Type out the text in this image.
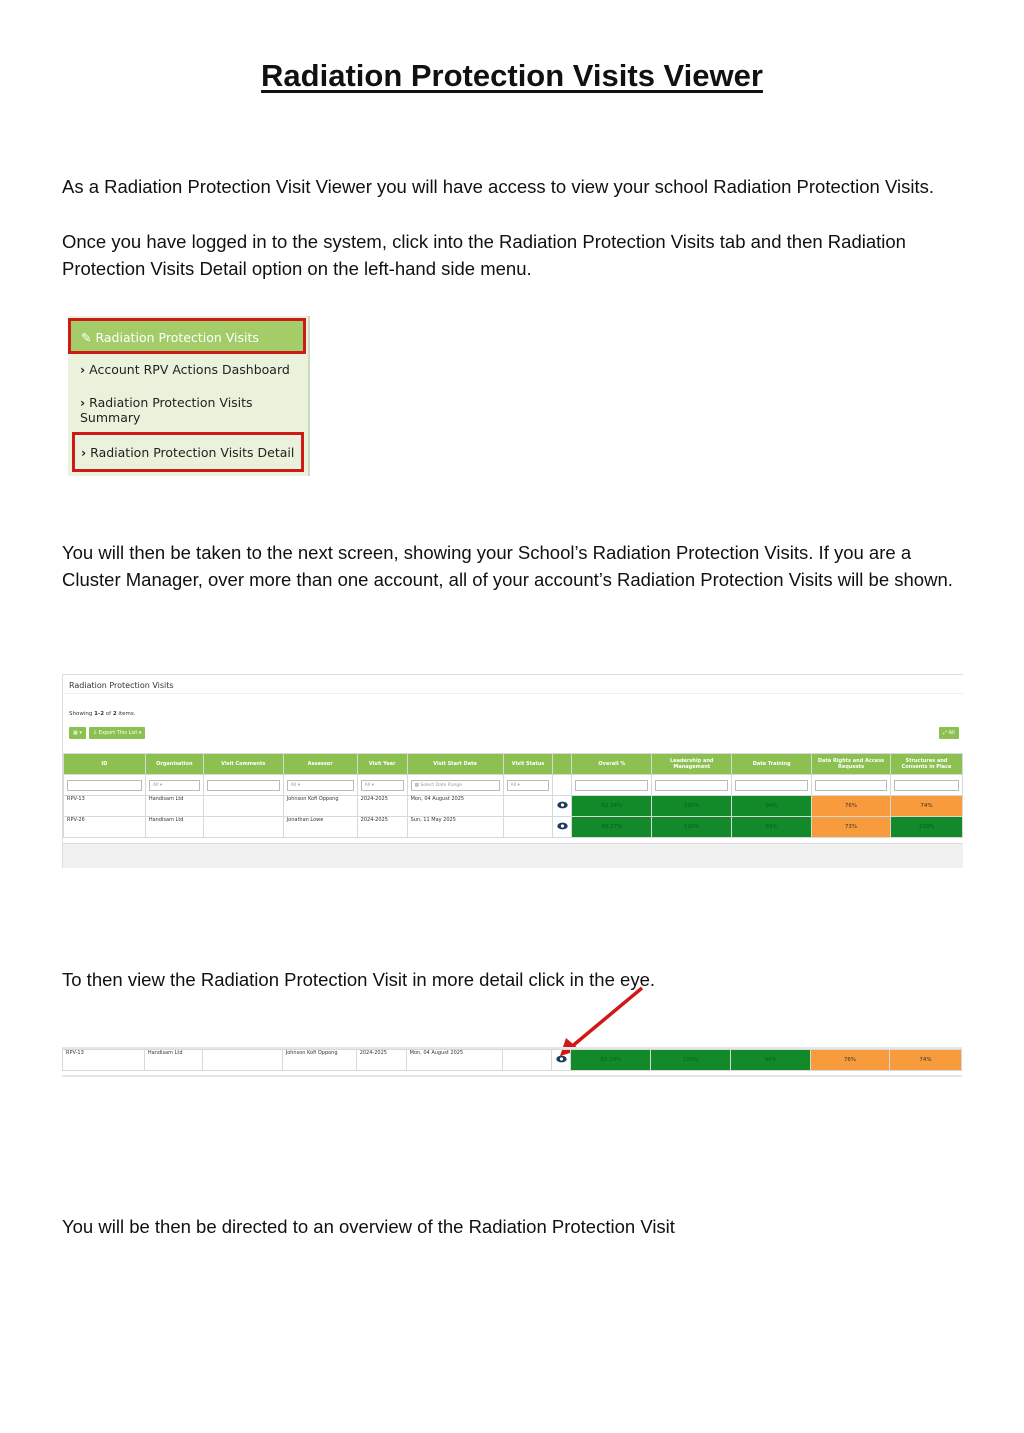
Radiation Protection Visits Viewer

As a Radiation Protection Visit Viewer you will have access to view your school Radiation Protection Visits.

Once you have logged in to the system, click into the Radiation Protection Visits tab and then Radiation Protection Visits Detail option on the left-hand side menu.

✎ Radiation Protection Visits
› Account RPV Actions Dashboard
› Radiation Protection Visits
Summary
› Radiation Protection Visits Detail

You will then be taken to the next screen, showing your School’s Radiation Protection Visits. If you are a Cluster Manager, over more than one account, all of your account’s Radiation Protection Visits will be shown.

Radiation Protection Visits
Showing 1-2 of 2 items.
▦ ▾	⇩ Export This List ▾	⤢ All
ID	Organisation	Visit Comments	Assessor	Visit Year	Visit Start Date	Visit Status		Overall %	Leadership and Management	Data Training	Data Rights and Access Requests	Structures and Consents in Place

	All ▾		All ▾	All ▾	▦ Select Date Range	All ▾						

RPV-13	Handisam Ltd		Johnson Kofi Oppong	2024-2025	Mon, 04 August 2025			82.24%	100%	94%	76%	74%
RPV-26	Handisam Ltd		Jonathan Lowe	2024-2025	Sun, 11 May 2025			86.27%	100%	83%	73%	100%

To then view the Radiation Protection Visit in more detail click in the eye.

RPV-13	Handisam Ltd		Johnson Kofi Oppong	2024-2025	Mon, 04 August 2025			82.24%	100%	94%	76%	74%

You will be then be directed to an overview of the Radiation Protection Visit
